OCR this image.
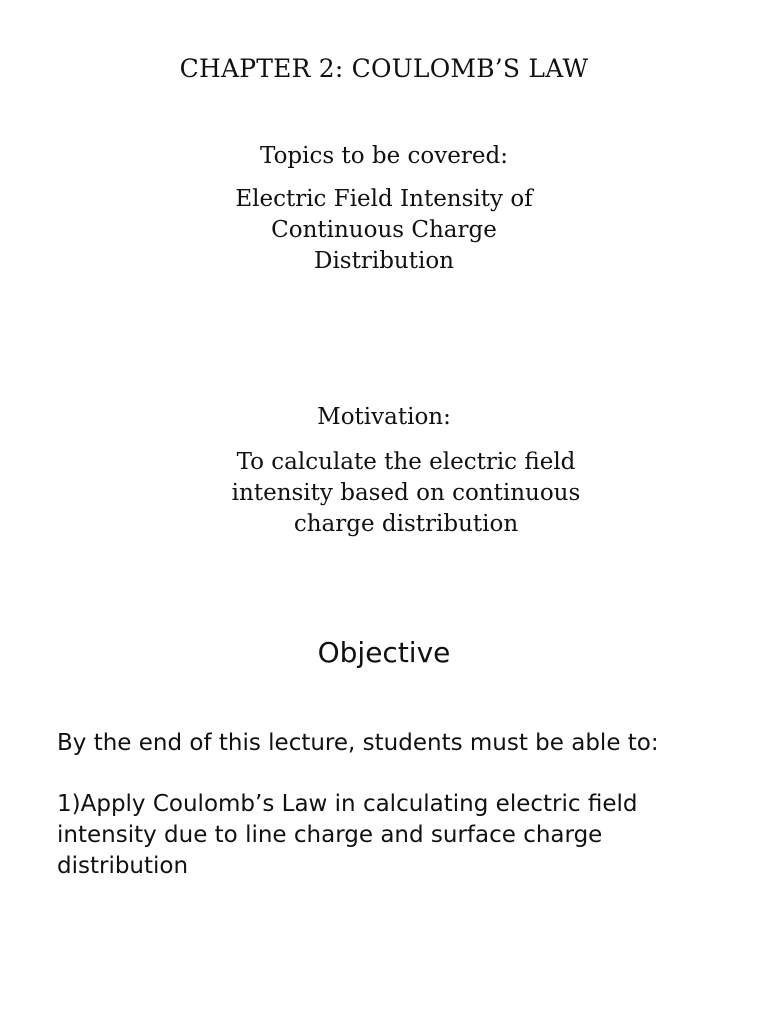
CHAPTER 2: COULOMB’S LAW
Topics to be covered:
Electric Field Intensity of Continuous Charge Distribution
Motivation:
To calculate the electric field intensity based on continuous charge distribution
Objective
By the end of this lecture, students must be able to:
1)Apply Coulomb’s Law in calculating electric field intensity due to line charge and surface charge distribution
